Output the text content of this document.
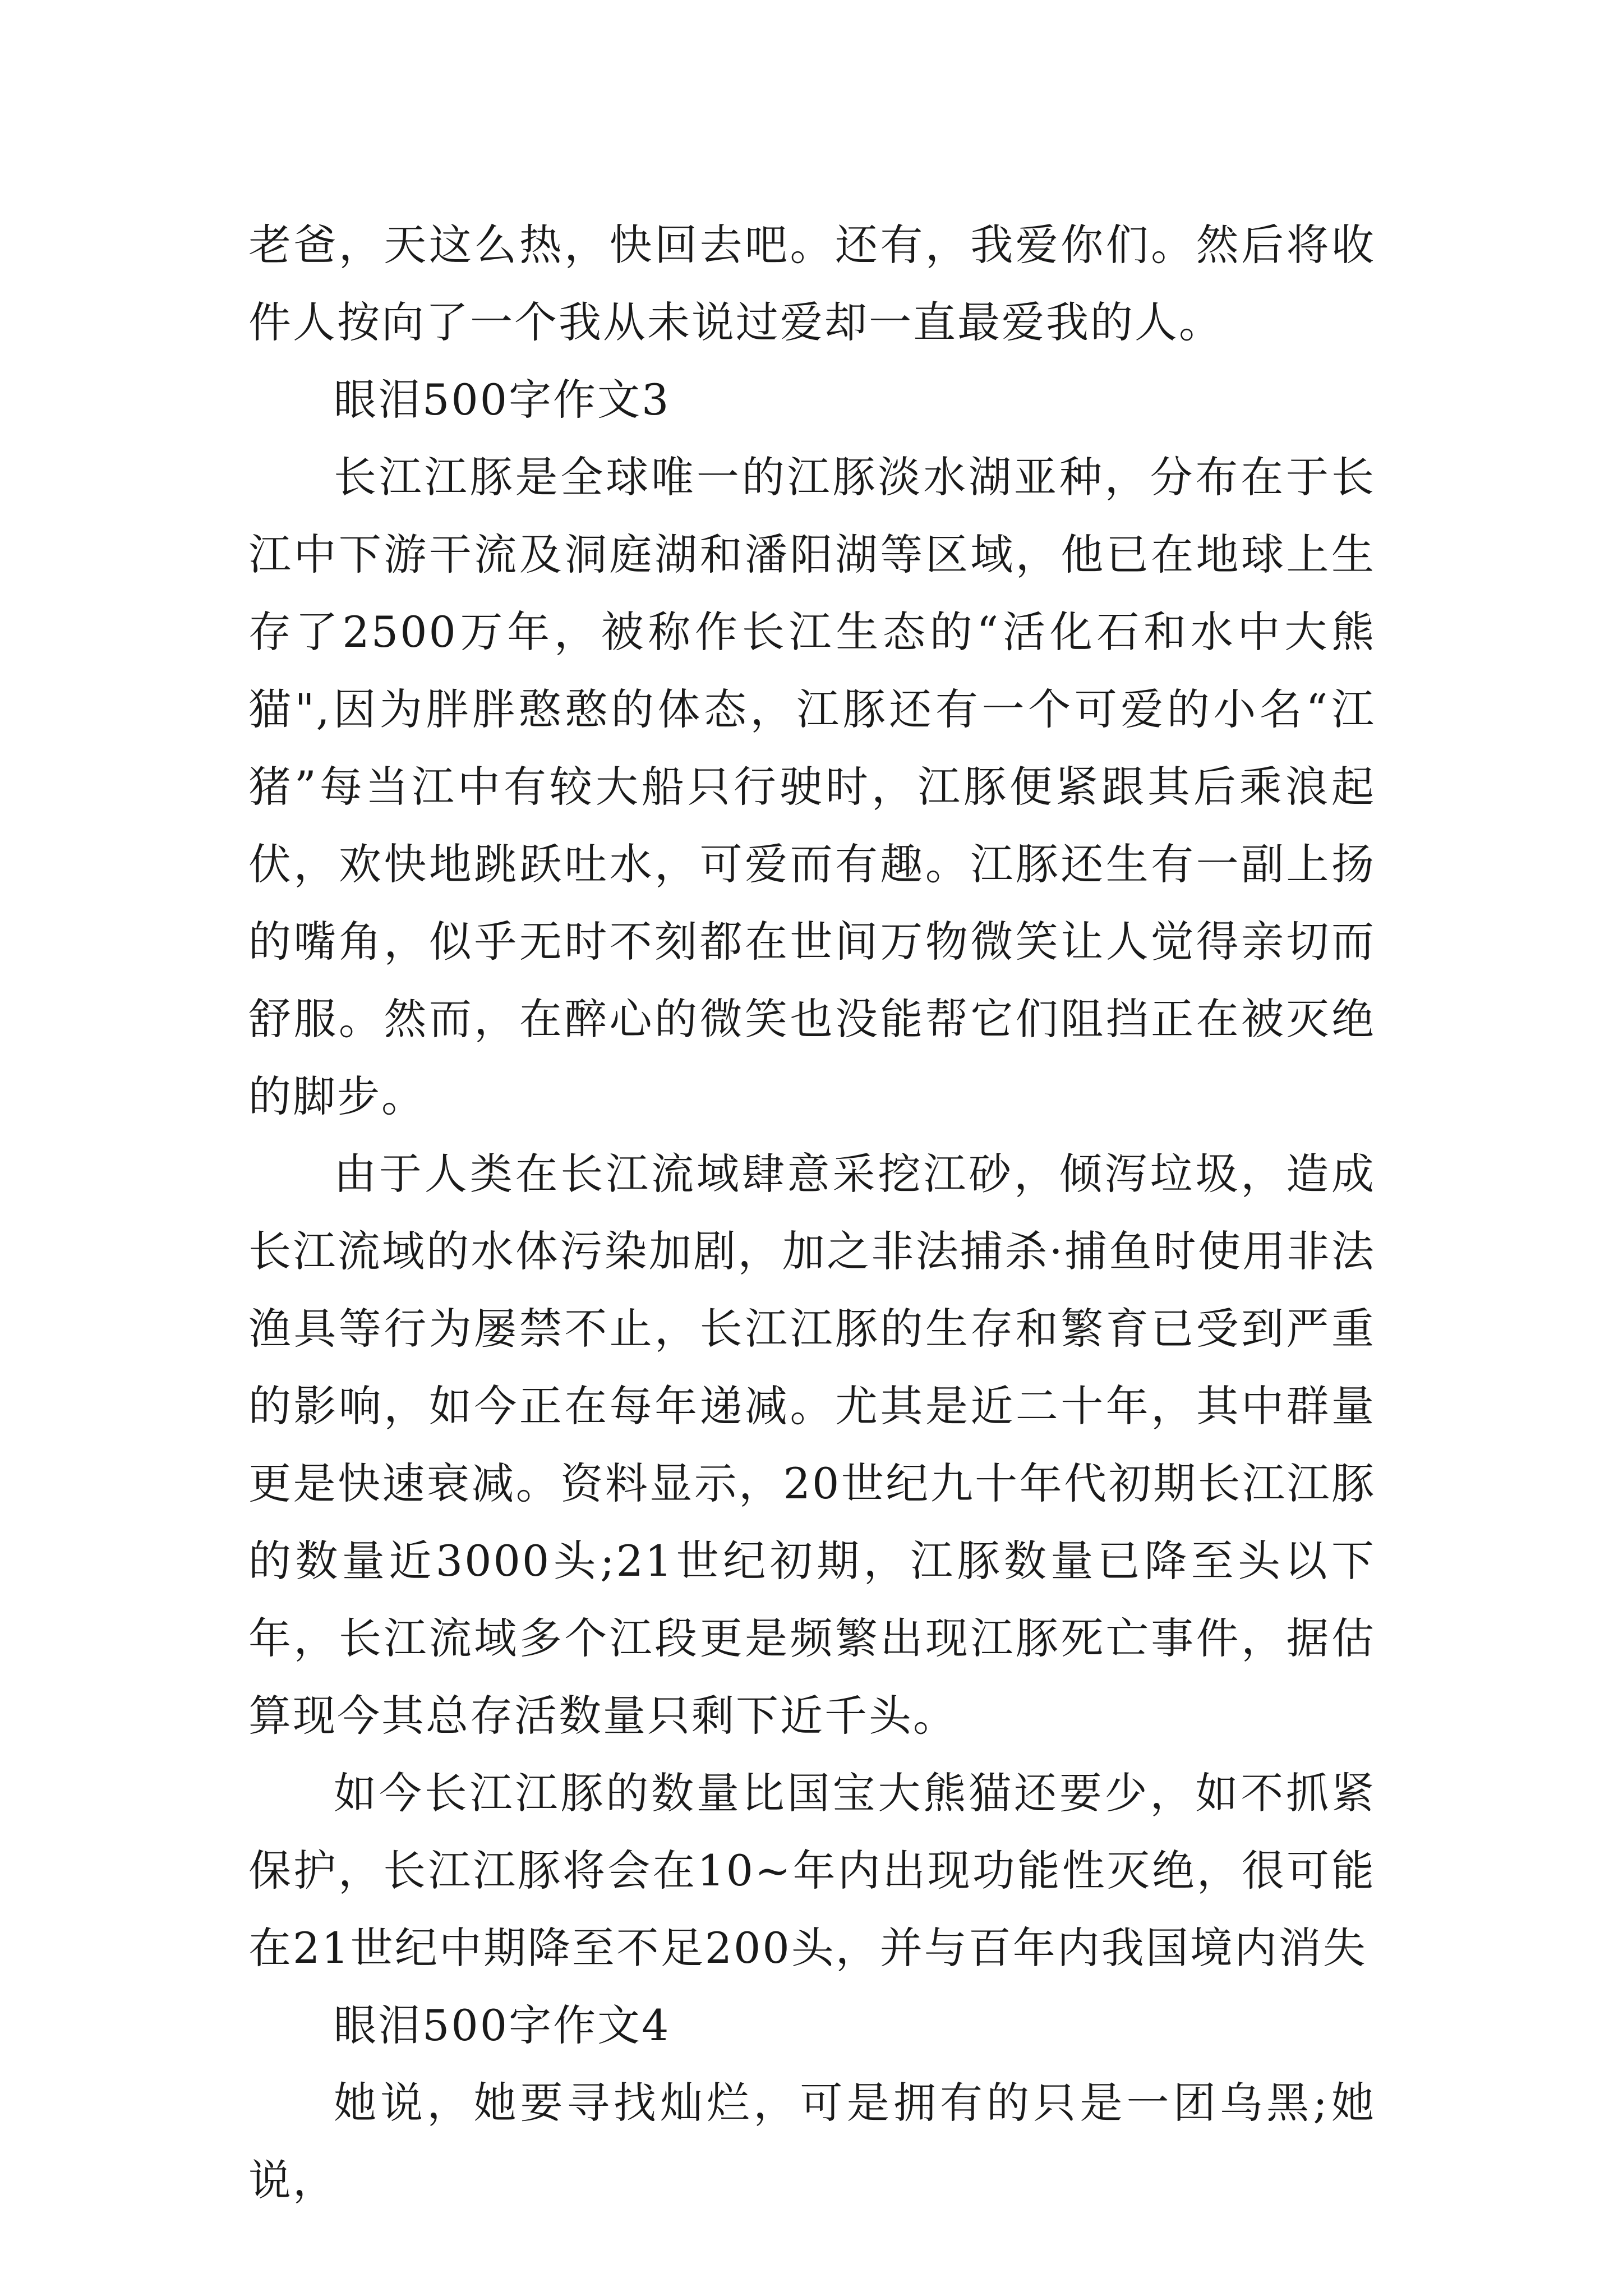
老爸，天这么热，快回去吧。还有，我爱你们。然后将收件人按向了一个我从未说过爱却一直最爱我的人。

眼泪500字作文3

长江江豚是全球唯一的江豚淡水湖亚种，分布在于长江中下游干流及洞庭湖和潘阳湖等区域，他已在地球上生存了2500万年，被称作长江生态的“活化石和水中大熊猫",因为胖胖憨憨的体态，江豚还有一个可爱的小名“江猪”每当江中有较大船只行驶时，江豚便紧跟其后乘浪起伏，欢快地跳跃吐水，可爱而有趣。江豚还生有一副上扬的嘴角，似乎无时不刻都在世间万物微笑让人觉得亲切而舒服。然而，在醉心的微笑也没能帮它们阻挡正在被灭绝的脚步。

由于人类在长江流域肆意采挖江砂，倾泻垃圾，造成长江流域的水体污染加剧，加之非法捕杀·捕鱼时使用非法渔具等行为屡禁不止，长江江豚的生存和繁育已受到严重的影响，如今正在每年递减。尤其是近二十年，其中群量更是快速衰减。资料显示，20世纪九十年代初期长江江豚的数量近3000头;21世纪初期，江豚数量已降至头以下年，长江流域多个江段更是频繁出现江豚死亡事件，据估算现今其总存活数量只剩下近千头。

如今长江江豚的数量比国宝大熊猫还要少，如不抓紧保护，长江江豚将会在10~年内出现功能性灭绝，很可能在21世纪中期降至不足200头，并与百年内我国境内消失

眼泪500字作文4

她说，她要寻找灿烂，可是拥有的只是一团乌黑;她说，
